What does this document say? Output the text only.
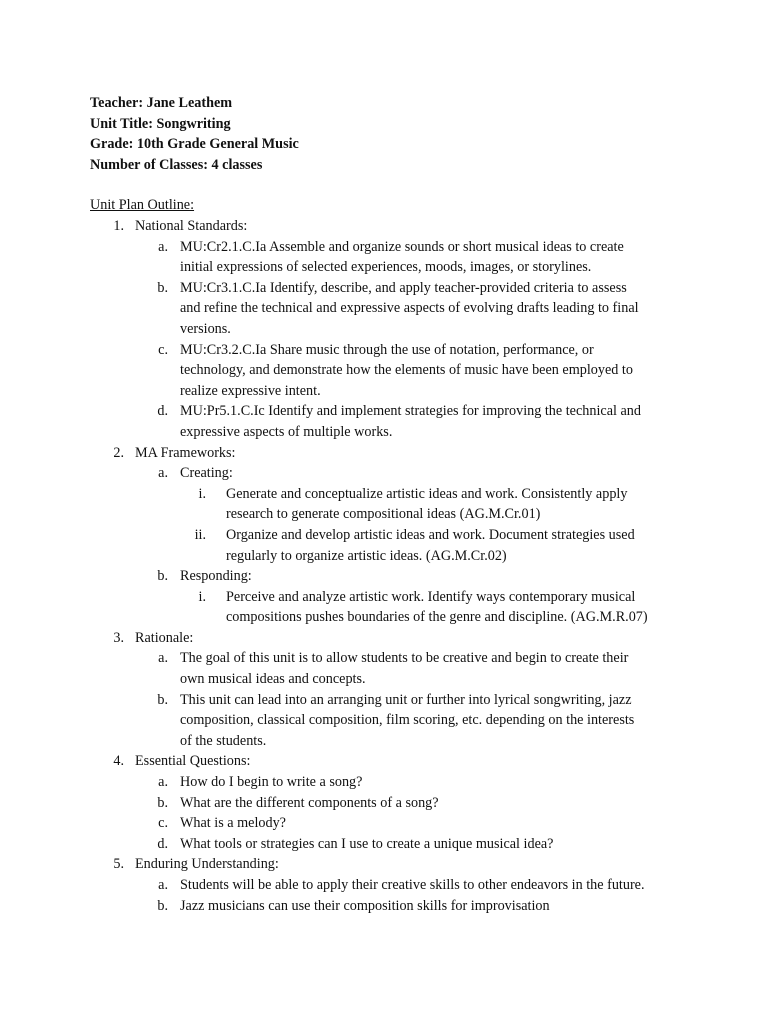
Teacher: Jane Leathem
Unit Title: Songwriting
Grade: 10th Grade General Music
Number of Classes: 4 classes
Unit Plan Outline:
1. National Standards:
a. MU:Cr2.1.C.Ia Assemble and organize sounds or short musical ideas to create
initial expressions of selected experiences, moods, images, or storylines.
b. MU:Cr3.1.C.Ia Identify, describe, and apply teacher-provided criteria to assess
and refine the technical and expressive aspects of evolving drafts leading to final
versions.
c. MU:Cr3.2.C.Ia Share music through the use of notation, performance, or
technology, and demonstrate how the elements of music have been employed to
realize expressive intent.
d. MU:Pr5.1.C.Ic Identify and implement strategies for improving the technical and
expressive aspects of multiple works.
2. MA Frameworks:
a. Creating:
i. Generate and conceptualize artistic ideas and work. Consistently apply
research to generate compositional ideas (AG.M.Cr.01)
ii. Organize and develop artistic ideas and work. Document strategies used
regularly to organize artistic ideas. (AG.M.Cr.02)
b. Responding:
i. Perceive and analyze artistic work. Identify ways contemporary musical
compositions pushes boundaries of the genre and discipline. (AG.M.R.07)
3. Rationale:
a. The goal of this unit is to allow students to be creative and begin to create their
own musical ideas and concepts.
b. This unit can lead into an arranging unit or further into lyrical songwriting, jazz
composition, classical composition, film scoring, etc. depending on the interests
of the students.
4. Essential Questions:
a. How do I begin to write a song?
b. What are the different components of a song?
c. What is a melody?
d. What tools or strategies can I use to create a unique musical idea?
5. Enduring Understanding:
a. Students will be able to apply their creative skills to other endeavors in the future.
b. Jazz musicians can use their composition skills for improvisation
